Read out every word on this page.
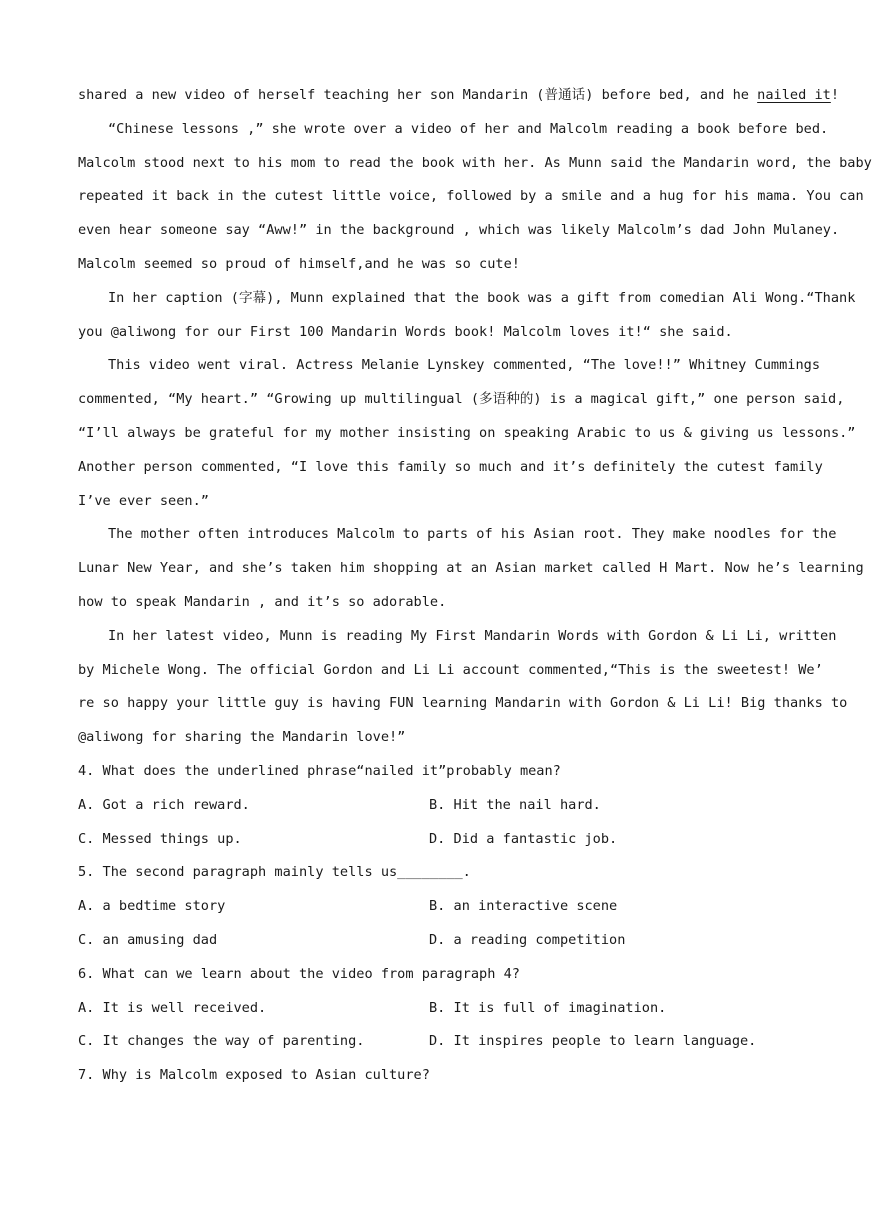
shared a new video of herself teaching her son Mandarin (普通话) before bed, and he nailed it!
“Chinese lessons ,” she wrote over a video of her and Malcolm reading a book before bed.
Malcolm stood next to his mom to read the book with her. As Munn said the Mandarin word, the baby
repeated it back in the cutest little voice, followed by a smile and a hug for his mama. You can
even hear someone say “Aww!” in the background , which was likely Malcolm’s dad John Mulaney.
Malcolm seemed so proud of himself,and he was so cute!
In her caption (字幕), Munn explained that the book was a gift from comedian Ali Wong.“Thank
you @aliwong for our First 100 Mandarin Words book! Malcolm loves it!“ she said.
This video went viral. Actress Melanie Lynskey commented, “The love!!” Whitney Cummings
commented, “My heart.” “Growing up multilingual (多语种的) is a magical gift,” one person said,
“I’ll always be grateful for my mother insisting on speaking Arabic to us & giving us lessons.”
Another person commented, “I love this family so much and it’s definitely the cutest family
I’ve ever seen.”
The mother often introduces Malcolm to parts of his Asian root. They make noodles for the
Lunar New Year, and she’s taken him shopping at an Asian market called H Mart. Now he’s learning
how to speak Mandarin , and it’s so adorable.
In her latest video, Munn is reading My First Mandarin Words with Gordon & Li Li, written
by Michele Wong. The official Gordon and Li Li account commented,“This is the sweetest! We’
re so happy your little guy is having FUN learning Mandarin with Gordon & Li Li! Big thanks to
@aliwong for sharing the Mandarin love!”
4. What does the underlined phrase“nailed it”probably mean?
A. Got a rich reward.	B. Hit the nail hard.
C. Messed things up.	D. Did a fantastic job.
5. The second paragraph mainly tells us________.
A. a bedtime story	B. an interactive scene
C. an amusing dad	D. a reading competition
6. What can we learn about the video from paragraph 4?
A. It is well received.	B. It is full of imagination.
C. It changes the way of parenting.	D. It inspires people to learn language.
7. Why is Malcolm exposed to Asian culture?
